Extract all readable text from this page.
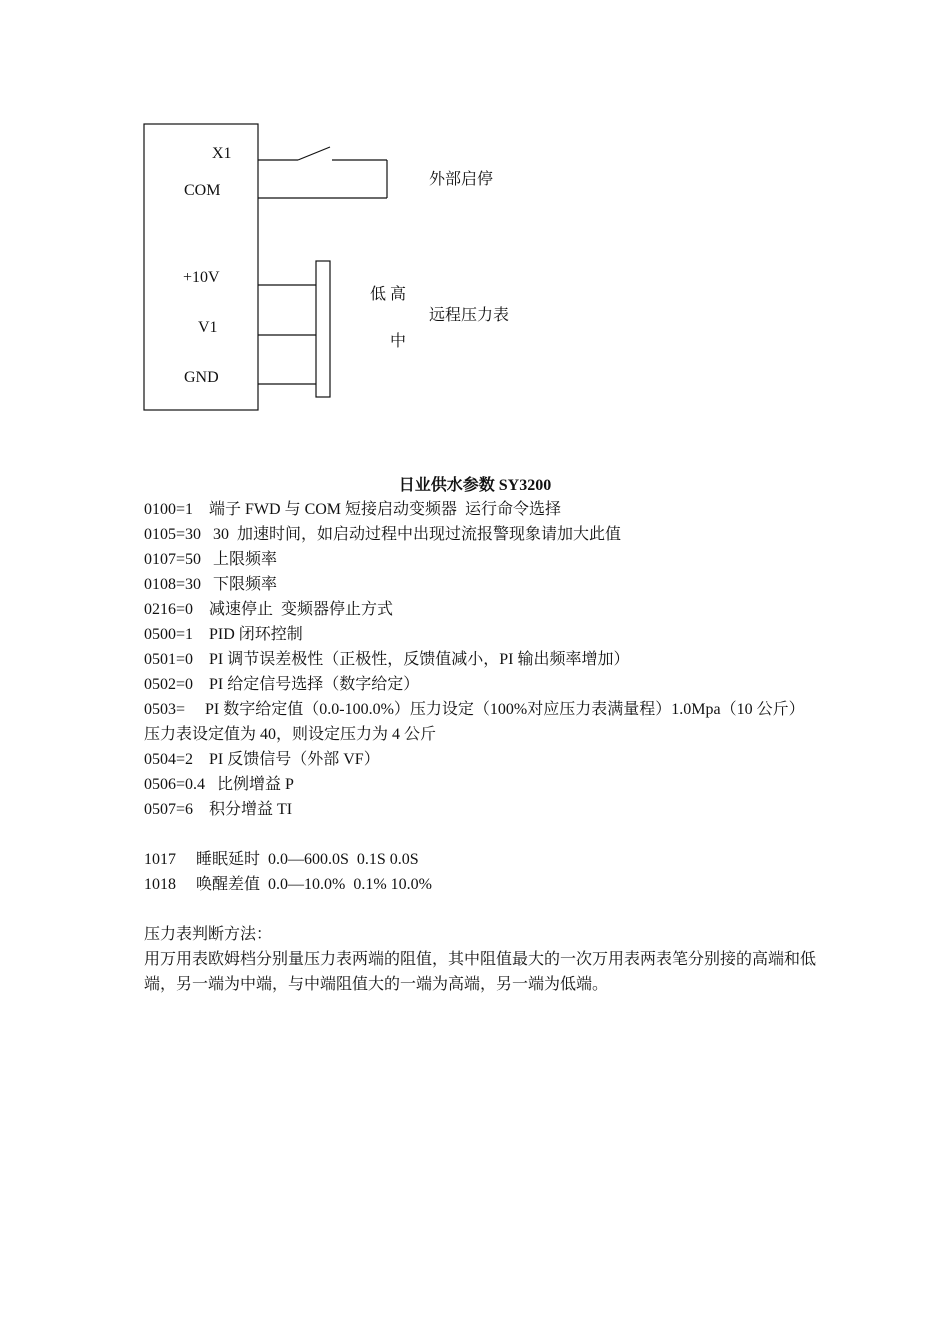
X1
COM
+10V
V1
GND
外部启停
低 高
中
远程压力表
日业供水参数 SY3200
0100=1    端子 FWD 与 COM 短接启动变频器  运行命令选择
0105=30   30  加速时间，如启动过程中出现过流报警现象请加大此值
0107=50   上限频率
0108=30   下限频率
0216=0    减速停止  变频器停止方式
0500=1    PID 闭环控制
0501=0    PI 调节误差极性（正极性，反馈值减小，PI 输出频率增加）
0502=0    PI 给定信号选择（数字给定）
0503=     PI 数字给定值（0.0-100.0%）压力设定（100%对应压力表满量程）1.0Mpa（10 公斤）
压力表设定值为 40，则设定压力为 4 公斤
0504=2    PI 反馈信号（外部 VF）
0506=0.4   比例增益 P
0507=6    积分增益 TI
1017     睡眠延时  0.0—600.0S  0.1S 0.0S
1018     唤醒差值  0.0—10.0%  0.1% 10.0%
压力表判断方法：
用万用表欧姆档分别量压力表两端的阻值，其中阻值最大的一次万用表两表笔分别接的高端和低端，另一端为中端，与中端阻值大的一端为高端，另一端为低端。
